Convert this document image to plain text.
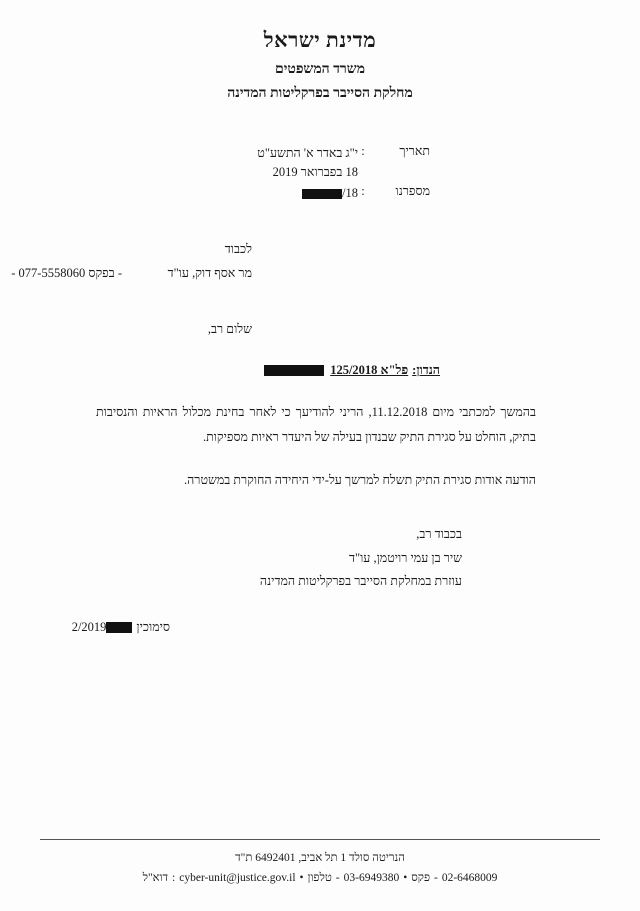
מדינת ישראל
משרד המשפטים
מחלקת הסייבר בפרקליטות המדינה
תאריך
:
י"ג באדר א' התשע"ט
18 בפברואר 2019
מספרנו
:
18/
לכבוד
מר אסף דוק, עו"ד
- בפקס 077-5558060 -
שלום רב,
הנדון:
פל"א 125/2018

בהמשך למכתבי מיום 11.12.2018, הריני להודיעך כי לאחר בחינת מכלול הראיות והנסיבות בתיק, הוחלט על סגירת התיק שבנדון בעילה של היעדר ראיות מספיקות.

הודעה אודות סגירת התיק תשלח למרשך על-ידי היחידה החוקרת במשטרה.

בכבוד רב,
שיר בן עמי רויטמן, עו"ד
עוזרת במחלקת הסייבר בפרקליטות המדינה
סימוכין
2/2019
הנריטה סולד 1 תל אביב, 6492401 ת"ד
02-6468009-פקס•03-6949380-טלפון•cyber-unit@justice.gov.il:דוא"ל
